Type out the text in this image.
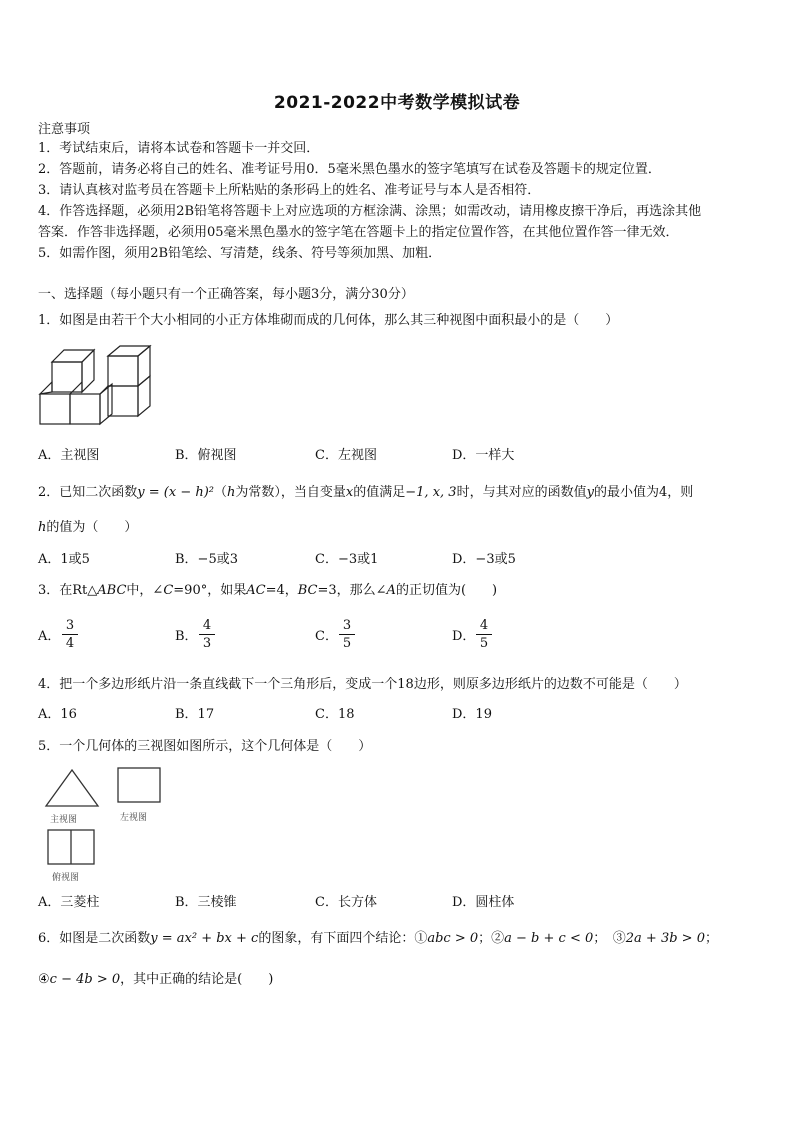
2021-2022中考数学模拟试卷
注意事项
1．考试结束后，请将本试卷和答题卡一并交回．
2．答题前，请务必将自己的姓名、准考证号用0．5毫米黑色墨水的签字笔填写在试卷及答题卡的规定位置．
3．请认真核对监考员在答题卡上所粘贴的条形码上的姓名、准考证号与本人是否相符．
4．作答选择题，必须用2B铅笔将答题卡上对应选项的方框涂满、涂黑；如需改动，请用橡皮擦干净后，再选涂其他
答案．作答非选择题，必须用05毫米黑色墨水的签字笔在答题卡上的指定位置作答，在其他位置作答一律无效．
5．如需作图，须用2B铅笔绘、写清楚，线条、符号等须加黑、加粗．
一、选择题（每小题只有一个正确答案，每小题3分，满分30分）
1．如图是由若干个大小相同的小正方体堆砌而成的几何体，那么其三种视图中面积最小的是（　　）
A．主视图	B．俯视图	C．左视图	D．一样大
2．已知二次函数y = (x − h)²（h为常数），当自变量x的值满足−1, x, 3时，与其对应的函数值y的最小值为4，则
h的值为（　　）
A．1或5	B．−5或3	C．−3或1	D．−3或5
3．在Rt△ABC中，∠C=90°，如果AC=4，BC=3，那么∠A的正切值为(　　)
A．
3
4	B．
4
3	C．
3
5	D．
4
5
4．把一个多边形纸片沿一条直线截下一个三角形后，变成一个18边形，则原多边形纸片的边数不可能是（　　）
A．16	B．17	C．18	D．19
5．一个几何体的三视图如图所示，这个几何体是（　　）
主视图	左视图
俯视图
A．三菱柱	B．三棱锥	C．长方体	D．圆柱体
6．如图是二次函数y = ax² + bx + c的图象，有下面四个结论：①abc > 0；②a − b + c < 0；　③2a + 3b > 0；
④c − 4b > 0，其中正确的结论是(　　)
